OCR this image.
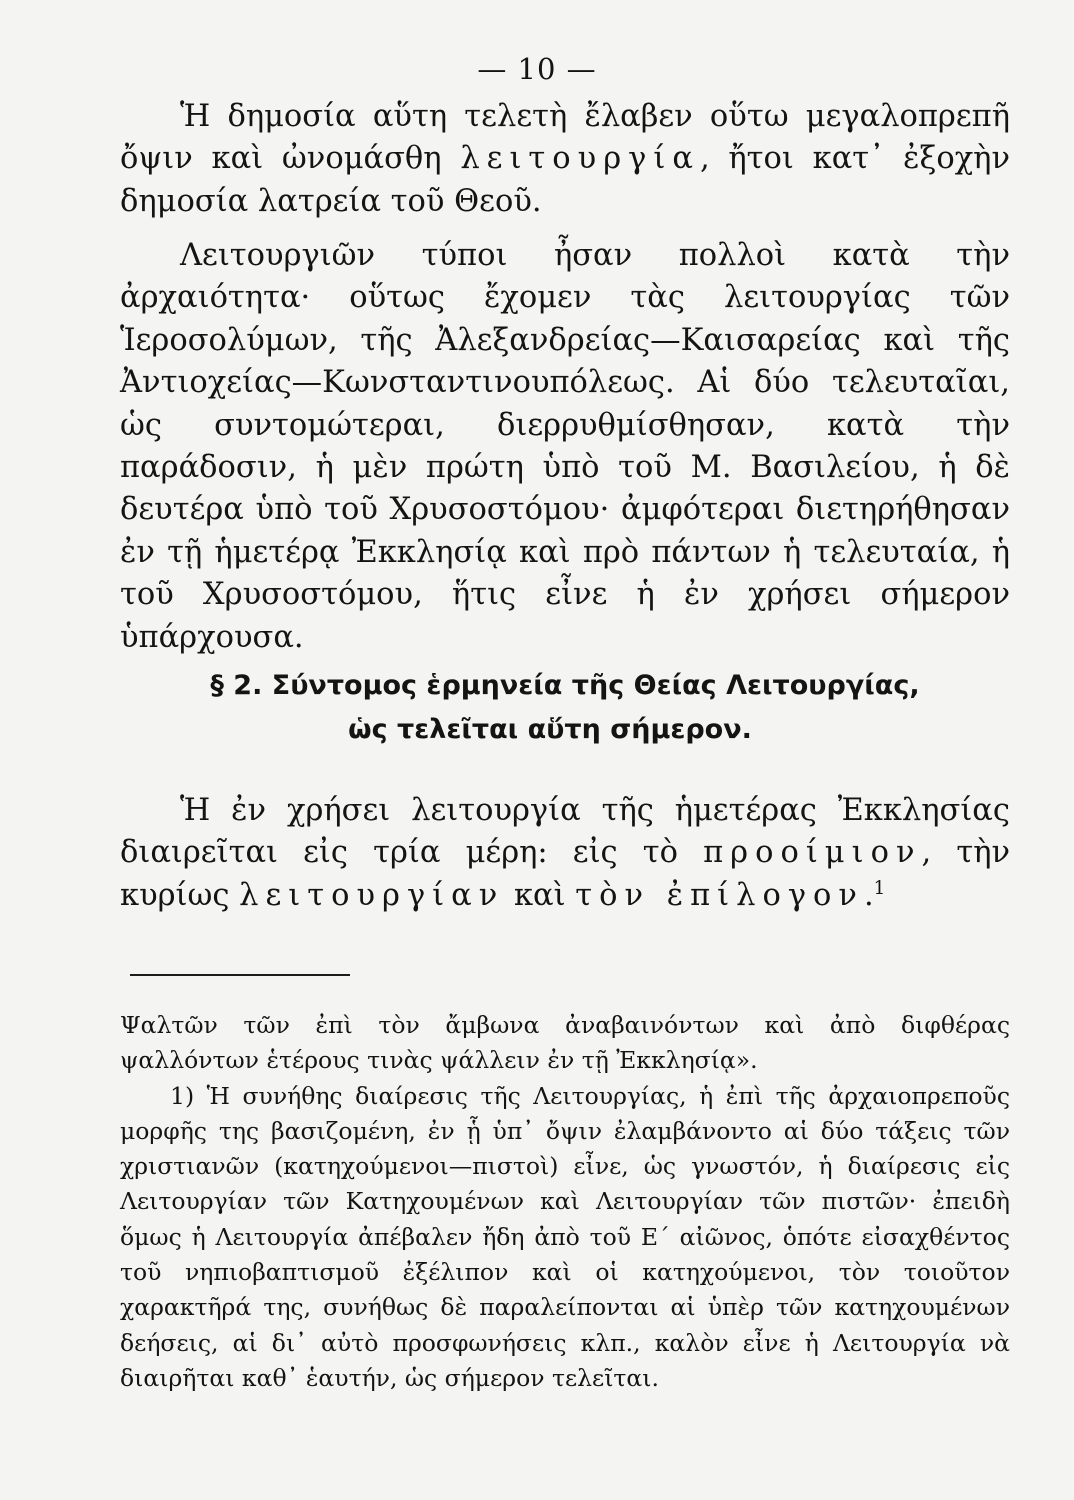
— 10 —

Ἡ δημοσία αὕτη τελετὴ ἔλαβεν οὕτω μεγαλοπρεπῆ ὄψιν καὶ ὠνομάσθη λειτουργία, ἤτοι κατ᾽ ἐξοχὴν δημοσία λατρεία τοῦ Θεοῦ.

Λειτουργιῶν τύποι ἦσαν πολλοὶ κατὰ τὴν ἀρχαιότητα· οὕτως ἔχομεν τὰς λειτουργίας τῶν Ἱεροσολύμων, τῆς Ἀλεξανδρείας—Καισαρείας καὶ τῆς Ἀντιοχείας—Κωνσταντινουπόλεως. Αἱ δύο τελευταῖαι, ὡς συντομώτεραι, διερρυθμίσθησαν, κατὰ τὴν παράδοσιν, ἡ μὲν πρώτη ὑπὸ τοῦ Μ. Βασιλείου, ἡ δὲ δευτέρα ὑπὸ τοῦ Χρυσοστόμου· ἀμφότεραι διετηρήθησαν ἐν τῇ ἡμετέρᾳ Ἐκκλησίᾳ καὶ πρὸ πάντων ἡ τελευταία, ἡ τοῦ Χρυσοστόμου, ἥτις εἶνε ἡ ἐν χρήσει σήμερον ὑπάρχουσα.

§ 2. Σύντομος ἑρμηνεία τῆς Θείας Λειτουργίας,
ὡς τελεῖται αὕτη σήμερον.

Ἡ ἐν χρήσει λειτουργία τῆς ἡμετέρας Ἐκκλησίας διαιρεῖται εἰς τρία μέρη: εἰς τὸ προοίμιον, τὴν κυρίως λειτουργίαν καὶ τὸν ἐπίλογον.$^1$

Ψαλτῶν τῶν ἐπὶ τὸν ἄμβωνα ἀναβαινόντων καὶ ἀπὸ διφθέρας ψαλλόντων ἑτέρους τινὰς ψάλλειν ἐν τῇ Ἐκκλησίᾳ».

1) Ἡ συνήθης διαίρεσις τῆς Λειτουργίας, ἡ ἐπὶ τῆς ἀρχαιοπρεποῦς μορφῆς της βασιζομένη, ἐν ᾗ ὑπ᾽ ὄψιν ἐλαμβάνοντο αἱ δύο τάξεις τῶν χριστιανῶν (κατηχούμενοι—πιστοὶ) εἶνε, ὡς γνωστόν, ἡ διαίρεσις εἰς Λειτουργίαν τῶν Κατηχουμένων καὶ Λειτουργίαν τῶν πιστῶν· ἐπειδὴ ὅμως ἡ Λειτουργία ἀπέβαλεν ἤδη ἀπὸ τοῦ Ε΄ αἰῶνος, ὁπότε εἰσαχθέντος τοῦ νηπιοβαπτισμοῦ ἐξέλιπον καὶ οἱ κατηχούμενοι, τὸν τοιοῦτον χαρακτῆρά της, συνήθως δὲ παραλείπονται αἱ ὑπὲρ τῶν κατηχουμένων δεήσεις, αἱ δι᾽ αὐτὸ προσφωνήσεις κλπ., καλὸν εἶνε ἡ Λειτουργία νὰ διαιρῆται καθ᾽ ἑαυτήν, ὡς σήμερον τελεῖται.
